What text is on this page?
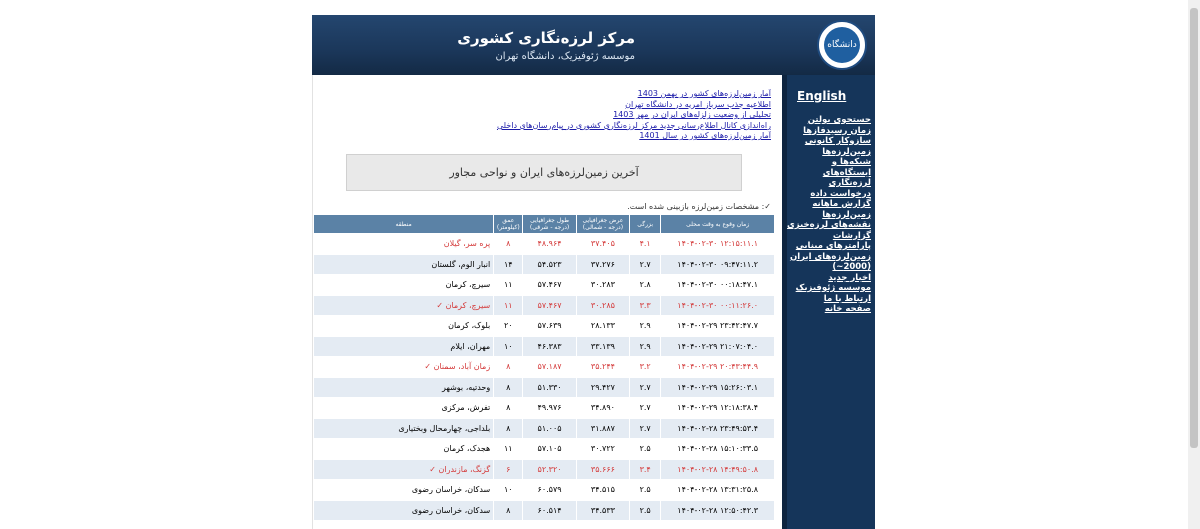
دانشگاه
مرکز لرزه‌نگاری کشوری
موسسه ژئوفیزیک، دانشگاه تهران
آمار زمین‌لرزه‌های کشور در بهمن 1403
اطلاعیه جذب سرباز امریه در دانشگاه تهران
تحلیلی از وضعیت زلزله‌های ایران در مهر 1403
راه‌اندازی کانال اطلاع‌رسانی جدید مرکز لرزه‌نگاری کشوری در پیام‌رسان‌های داخلی
آمار زمین‌لرزه‌های کشور در سال 1401
آخرین زمین‌لرزه‌های ایران و نواحی مجاور
✓: مشخصات زمین‌لرزه بازبینی شده است.
زمان وقوع به وقت محلی	بزرگی	عرض جغرافیایی (درجه - شمالی)	طول جغرافیایی (درجه - شرقی)	عمق (کیلومتر)	منطقه
۱۴۰۴-۰۲-۳۰ ۱۲:۱۵:۱۱.۱	۴.۱	۳۷.۴۰۵	۴۸.۹۶۴	۸	پره سر، گیلان
۱۴۰۴-۰۲-۳۰ ۰۹:۴۷:۱۱.۲	۲.۷	۳۷.۲۷۶	۵۴.۵۲۳	۱۴	انبار الوم، گلستان
۱۴۰۴-۰۲-۳۰ ۰۰:۱۸:۴۷.۱	۲.۸	۳۰.۲۸۳	۵۷.۴۶۷	۱۱	سیرچ، کرمان
۱۴۰۴-۰۲-۳۰ ۰۰:۱۱:۲۶.۰	۳.۳	۳۰.۲۸۵	۵۷.۴۶۷	۱۱	سیرچ، کرمان ✓
۱۴۰۴-۰۲-۲۹ ۲۳:۴۲:۴۷.۷	۲.۹	۲۸.۱۳۳	۵۷.۶۳۹	۲۰	بلوک، کرمان
۱۴۰۴-۰۲-۲۹ ۲۱:۰۷:۰۴.۰	۲.۹	۳۳.۱۳۹	۴۶.۳۸۳	۱۰	مهران، ایلام
۱۴۰۴-۰۲-۲۹ ۲۰:۴۳:۴۴.۹	۳.۲	۳۵.۲۴۴	۵۷.۱۸۷	۸	زمان آباد، سمنان ✓
۱۴۰۴-۰۲-۲۹ ۱۵:۲۶:۰۳.۱	۲.۷	۲۹.۴۲۷	۵۱.۳۳۰	۸	وحدتیه، بوشهر
۱۴۰۴-۰۲-۲۹ ۱۲:۱۸:۳۸.۴	۲.۷	۳۴.۸۹۰	۴۹.۹۷۶	۸	تفرش، مرکزی
۱۴۰۴-۰۲-۲۸ ۲۳:۴۹:۵۳.۴	۲.۷	۳۱.۸۸۷	۵۱.۰۰۵	۸	بلداجی، چهارمحال وبختیاری
۱۴۰۴-۰۲-۲۸ ۱۵:۱۰:۳۳.۵	۲.۵	۳۰.۷۲۲	۵۷.۱۰۵	۱۱	هجدک، کرمان
۱۴۰۴-۰۲-۲۸ ۱۴:۴۹:۵۰.۸	۳.۴	۳۵.۶۶۶	۵۲.۳۲۰	۶	گزنگ، مازندران ✓
۱۴۰۴-۰۲-۲۸ ۱۳:۳۱:۲۵.۸	۲.۵	۳۴.۵۱۵	۶۰.۵۷۹	۱۰	سدکان، خراسان رضوی
۱۴۰۴-۰۲-۲۸ ۱۲:۵۰:۴۲.۳	۲.۵	۳۴.۵۳۳	۶۰.۵۱۴	۸	سدکان، خراسان رضوی
English
جستجوی بولتن
زمان رسیدفازها
سازوکار کانونی
زمین‌لرزه‌ها
شبکه‌ها و
ایستگاه‌های
لرزه‌نگاری
درخواست داده
گزارش ماهانه
زمین‌لرزه‌ها
نقشه‌های لرزه‌خیزی
گزارشات
پارامترهای مبنایی
زمین‌لرزه‌های ایران
(2000~)
اخبار جدید
موسسه ژئوفیزیک
ارتباط با ما
صفحه خانه
